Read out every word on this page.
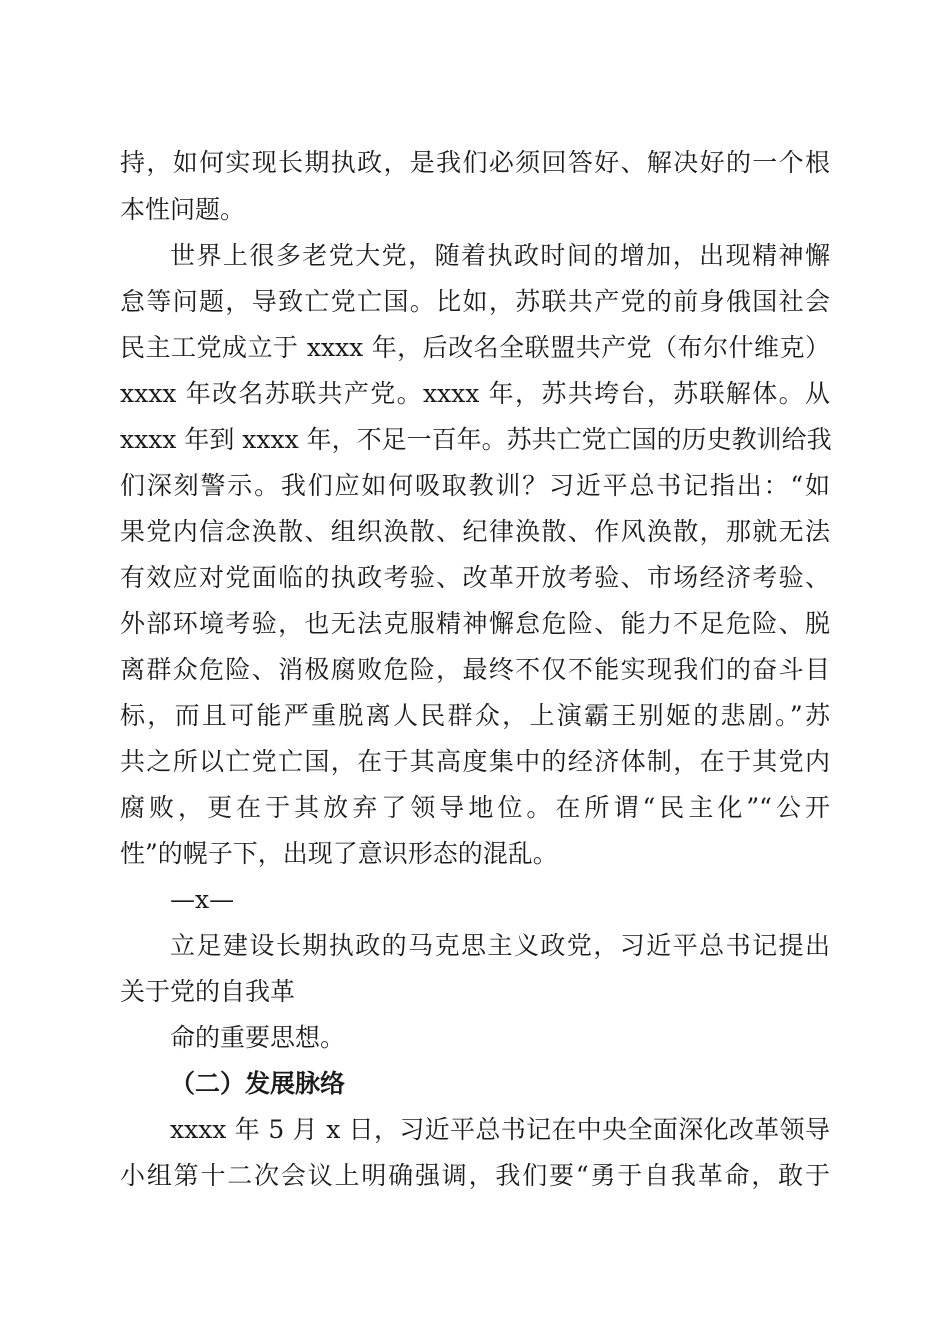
持，如何实现长期执政，是我们必须回答好、解决好的一个根
本性问题。
世界上很多老党大党，随着执政时间的增加，出现精神懈
怠等问题，导致亡党亡国。比如，苏联共产党的前身俄国社会
民主工党成立于 xxxx 年，后改名全联盟共产党（布尔什维克）
xxxx 年改名苏联共产党。xxxx 年，苏共垮台，苏联解体。从
xxxx 年到 xxxx 年，不足一百年。苏共亡党亡国的历史教训给我
们深刻警示。我们应如何吸取教训？习近平总书记指出：“如
果党内信念涣散、组织涣散、纪律涣散、作风涣散，那就无法
有效应对党面临的执政考验、改革开放考验、市场经济考验、
外部环境考验，也无法克服精神懈怠危险、能力不足危险、脱
离群众危险、消极腐败危险，最终不仅不能实现我们的奋斗目
标，而且可能严重脱离人民群众，上演霸王别姬的悲剧。”苏
共之所以亡党亡国，在于其高度集中的经济体制，在于其党内
腐败，更在于其放弃了领导地位。在所谓“民主化”“公开
性”的幌子下，出现了意识形态的混乱。
—x—
立足建设长期执政的马克思主义政党，习近平总书记提出
关于党的自我革
命的重要思想。
（二）发展脉络
xxxx 年 5 月 x 日，习近平总书记在中央全面深化改革领导
小组第十二次会议上明确强调，我们要“勇于自我革命，敢于
